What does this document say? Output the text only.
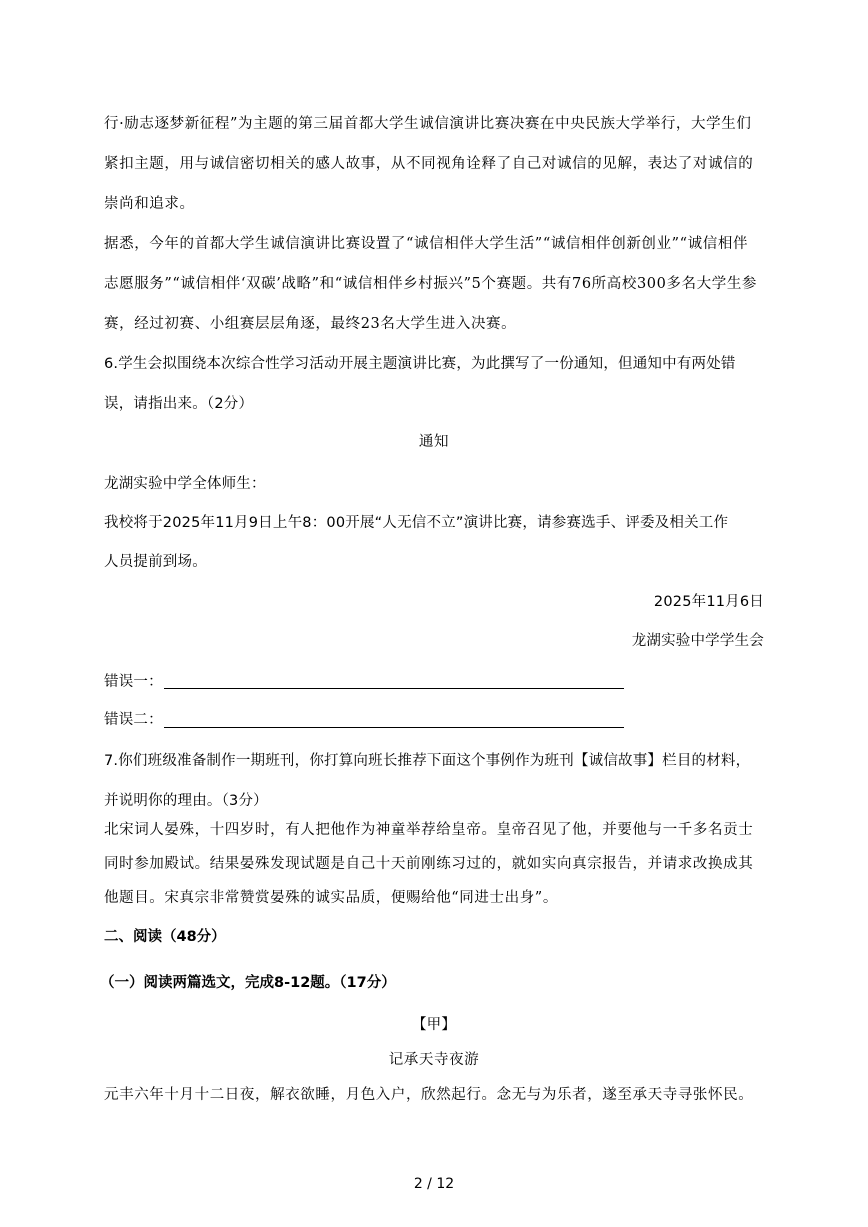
行·励志逐梦新征程”为主题的第三届首都大学生诚信演讲比赛决赛在中央民族大学举行，大学生们
紧扣主题，用与诚信密切相关的感人故事，从不同视角诠释了自己对诚信的见解，表达了对诚信的
崇尚和追求。
据悉，今年的首都大学生诚信演讲比赛设置了“诚信相伴大学生活”“诚信相伴创新创业”“诚信相伴
志愿服务”“诚信相伴‘双碳’战略”和“诚信相伴乡村振兴”5个赛题。共有76所高校300多名大学生参
赛，经过初赛、小组赛层层角逐，最终23名大学生进入决赛。
6.学生会拟围绕本次综合性学习活动开展主题演讲比赛，为此撰写了一份通知，但通知中有两处错
误，请指出来。（2分）
通知
龙湖实验中学全体师生：
我校将于2025年11月9日上午8：00开展“人无信不立”演讲比赛，请参赛选手、评委及相关工作
人员提前到场。
2025年11月6日
龙湖实验中学学生会
错误一：
错误二：
7.你们班级准备制作一期班刊，你打算向班长推荐下面这个事例作为班刊【诚信故事】栏目的材料，
并说明你的理由。（3分）
北宋词人晏殊，十四岁时，有人把他作为神童举荐给皇帝。皇帝召见了他，并要他与一千多名贡士
同时参加殿试。结果晏殊发现试题是自己十天前刚练习过的，就如实向真宗报告，并请求改换成其
他题目。宋真宗非常赞赏晏殊的诚实品质，便赐给他“同进士出身”。
二、阅读（48分）
（一）阅读两篇选文，完成8-12题。（17分）
【甲】
记承天寺夜游
元丰六年十月十二日夜，解衣欲睡，月色入户，欣然起行。念无与为乐者，遂至承天寺寻张怀民。
2 / 12
